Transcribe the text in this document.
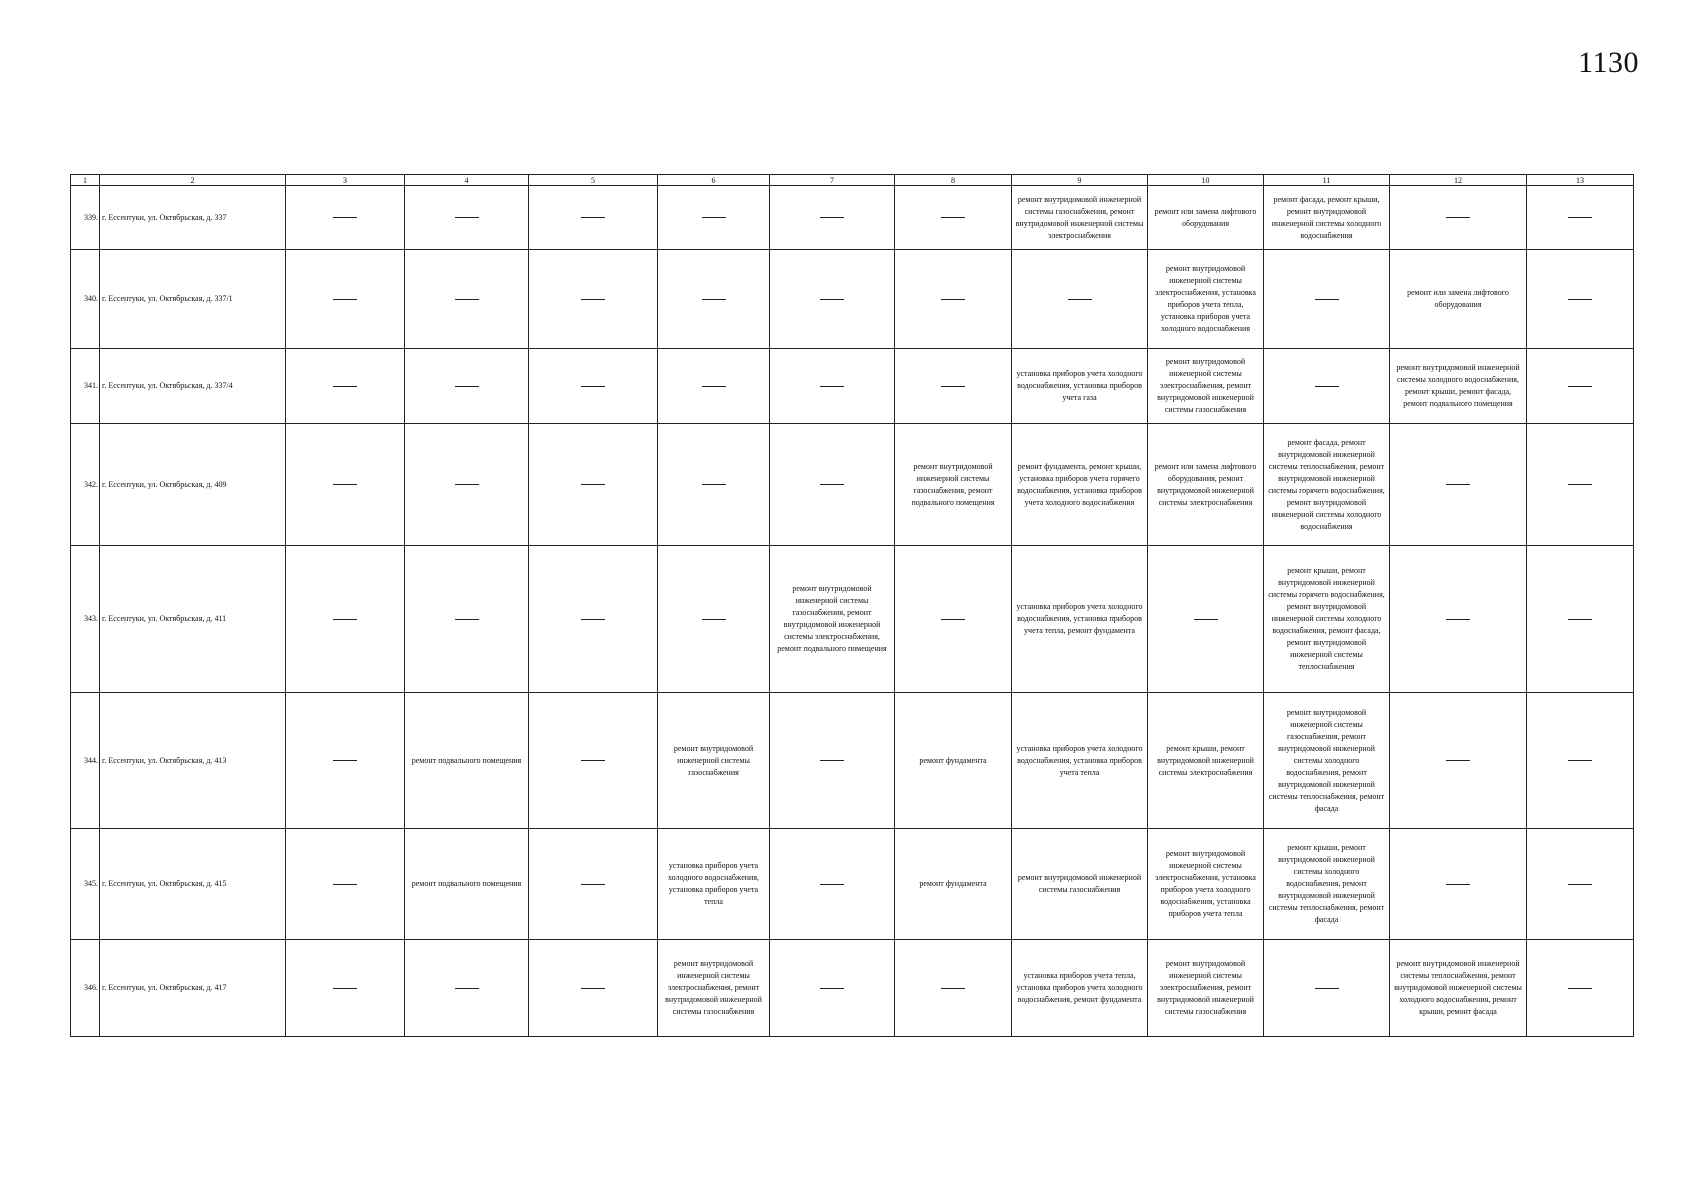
1130
1	2	3	4	5	6	7	8	9	10	11	12	13
339.	г. Ессентуки, ул. Октябрьская, д. 337							ремонт внутридомовой инженерной системы газоснабжения, ремонт внутридомовой инженерной системы электроснабжения	ремонт или замена лифтового оборудования	ремонт фасада, ремонт крыши, ремонт внутридомовой инженерной системы холодного водоснабжения		
340.	г. Ессентуки, ул. Октябрьская, д. 337/1								ремонт внутридомовой инженерной системы электроснабжения, установка приборов учета тепла, установка приборов учета холодного водоснабжения		ремонт или замена лифтового оборудования	
341.	г. Ессентуки, ул. Октябрьская, д. 337/4							установка приборов учета холодного водоснабжения, установка приборов учета газа	ремонт внутридомовой инженерной системы электроснабжения, ремонт внутридомовой инженерной системы газоснабжения		ремонт внутридомовой инженерной системы холодного водоснабжения, ремонт крыши, ремонт фасада, ремонт подвального помещения	
342.	г. Ессентуки, ул. Октябрьская, д. 409						ремонт внутридомовой инженерной системы газоснабжения, ремонт подвального помещения	ремонт фундамента, ремонт крыши, установка приборов учета горячего водоснабжения, установка приборов учета холодного водоснабжения	ремонт или замена лифтового оборудования, ремонт внутридомовой инженерной системы электроснабжения	ремонт фасада, ремонт внутридомовой инженерной системы теплоснабжения, ремонт внутридомовой инженерной системы горячего водоснабжения, ремонт внутридомовой инженерной системы холодного водоснабжения		
343.	г. Ессентуки, ул. Октябрьская, д. 411					ремонт внутридомовой инженерной системы газоснабжения, ремонт внутридомовой инженерной системы электроснабжения, ремонт подвального помещения		установка приборов учета холодного водоснабжения, установка приборов учета тепла, ремонт фундамента		ремонт крыши, ремонт внутридомовой инженерной системы горячего водоснабжения, ремонт внутридомовой инженерной системы холодного водоснабжения, ремонт фасада, ремонт внутридомовой инженерной системы теплоснабжения		
344.	г. Ессентуки, ул. Октябрьская, д. 413		ремонт подвального помещения		ремонт внутридомовой инженерной системы газоснабжения		ремонт фундамента	установка приборов учета холодного водоснабжения, установка приборов учета тепла	ремонт крыши, ремонт внутридомовой инженерной системы электроснабжения	ремонт внутридомовой инженерной системы газоснабжения, ремонт внутридомовой инженерной системы холодного водоснабжения, ремонт внутридомовой инженерной системы теплоснабжения, ремонт фасада		
345.	г. Ессентуки, ул. Октябрьская, д. 415		ремонт подвального помещения		установка приборов учета холодного водоснабжения, установка приборов учета тепла		ремонт фундамента	ремонт внутридомовой инженерной системы газоснабжения	ремонт внутридомовой инженерной системы электроснабжения, установка приборов учета холодного водоснабжения, установка приборов учета тепла	ремонт крыши, ремонт внутридомовой инженерной системы холодного водоснабжения, ремонт внутридомовой инженерной системы теплоснабжения, ремонт фасада		
346.	г. Ессентуки, ул. Октябрьская, д. 417				ремонт внутридомовой инженерной системы электроснабжения, ремонт внутридомовой инженерной системы газоснабжения			установка приборов учета тепла, установка приборов учета холодного водоснабжения, ремонт фундамента	ремонт внутридомовой инженерной системы электроснабжения, ремонт внутридомовой инженерной системы газоснабжения		ремонт внутридомовой инженерной системы теплоснабжения, ремонт внутридомовой инженерной системы холодного водоснабжения, ремонт крыши, ремонт фасада	
